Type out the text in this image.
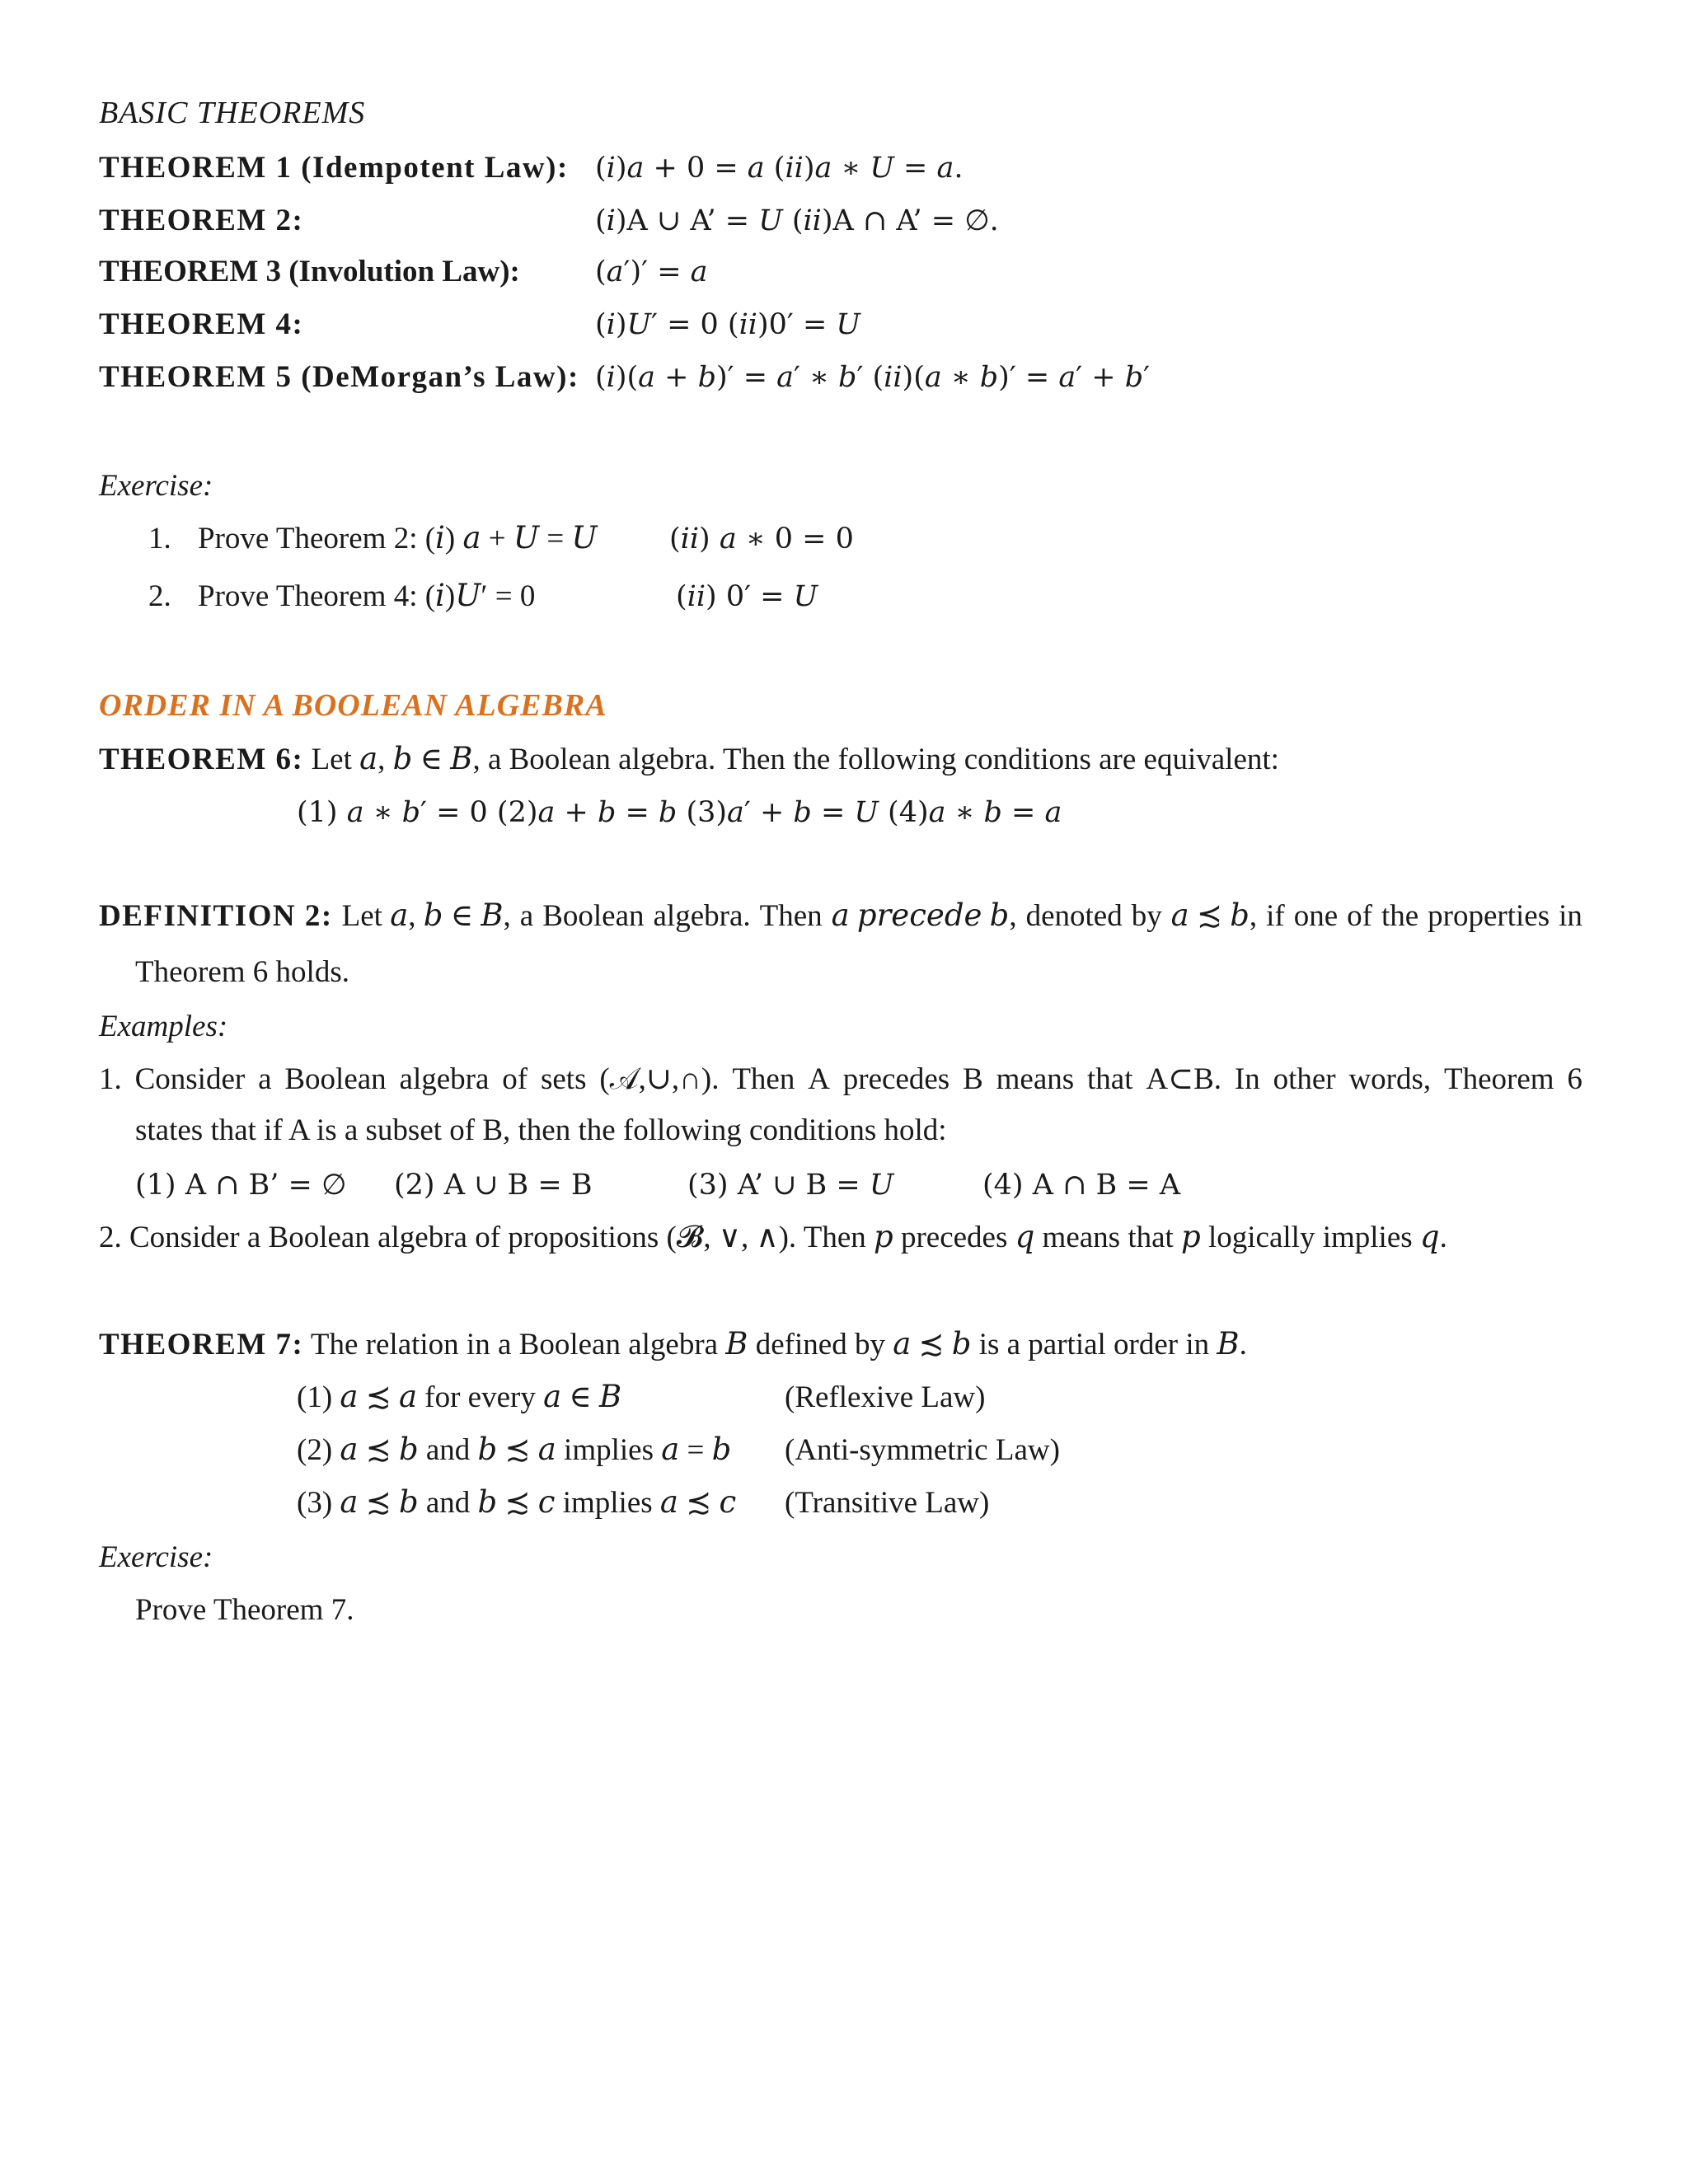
BASIC THEOREMS
THEOREM 1 (Idempotent Law): (𝑖)𝑎 + 0 = 𝑎 (𝑖𝑖)𝑎 ∗ 𝑈 = 𝑎.
THEOREM 2:	(𝑖)A ∪ A’ = 𝑈 (𝑖𝑖)A ∩ A’ = ∅.
THEOREM 3 (Involution Law):	(𝑎′)′ = 𝑎
THEOREM 4:	(𝑖)𝑈′ = 0 (𝑖𝑖)0′ = 𝑈
THEOREM 5 (DeMorgan’s Law): (𝑖)(𝑎 + 𝑏)′ = 𝑎′ ∗ 𝑏′ (𝑖𝑖)(𝑎 ∗ 𝑏)′ = 𝑎′ + 𝑏′
Exercise:
1. Prove Theorem 2: (𝑖) 𝑎 + 𝑈 = 𝑈 (𝑖𝑖) 𝑎 ∗ 0 = 0
2. Prove Theorem 4: (𝑖)𝑈′ = 0	(𝑖𝑖) 0′ = 𝑈
ORDER IN A BOOLEAN ALGEBRA
THEOREM 6: Let 𝑎, 𝑏 ∈ 𝐵, a Boolean algebra. Then the following conditions are equivalent:
(1) 𝑎 ∗ 𝑏′ = 0 (2)𝑎 + 𝑏 = 𝑏 (3)𝑎′ + 𝑏 = 𝑈 (4)𝑎 ∗ 𝑏 = 𝑎
DEFINITION 2: Let 𝑎, 𝑏 ∈ 𝐵, a Boolean algebra. Then 𝑎 𝑝𝑟𝑒𝑐𝑒𝑑𝑒 𝑏, denoted by 𝑎 ≾ 𝑏, if one of the properties in
Theorem 6 holds.
Examples:
1. Consider a Boolean algebra of sets (𝒜,∪,∩). Then A precedes B means that A⊂B. In other words, Theorem 6
states that if A is a subset of B, then the following conditions hold:
(1) A ∩ B’ = ∅ (2) A ∪ B = B	(3) A’ ∪ B = 𝑈	(4) A ∩ B = A
2. Consider a Boolean algebra of propositions (𝓑, ∨, ∧). Then 𝑝 precedes 𝑞 means that 𝑝 logically implies 𝑞.
THEOREM 7: The relation in a Boolean algebra 𝐵 defined by 𝑎 ≾ 𝑏 is a partial order in 𝐵.
(1) 𝑎 ≾ 𝑎 for every 𝑎 ∈ 𝐵	(Reflexive Law)
(2) 𝑎 ≾ 𝑏 and 𝑏 ≾ 𝑎 implies 𝑎 = 𝑏 (Anti-symmetric Law)
(3) 𝑎 ≾ 𝑏 and 𝑏 ≾ 𝑐 implies 𝑎 ≾ 𝑐 (Transitive Law)
Exercise:
Prove Theorem 7.
